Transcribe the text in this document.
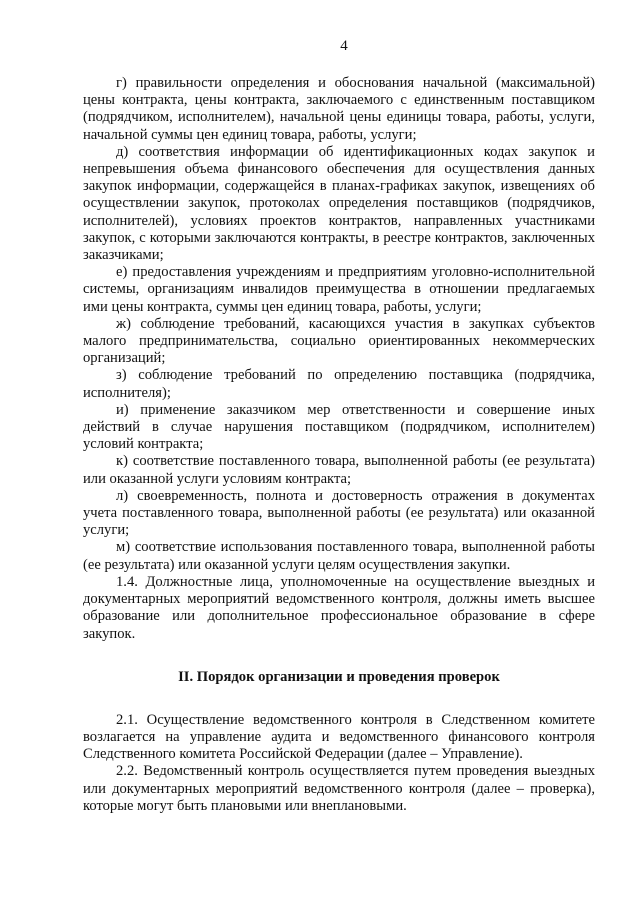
4

г) правильности определения и обоснования начальной (максимальной) цены контракта, цены контракта, заключаемого с единственным поставщиком (подрядчиком, исполнителем), начальной цены единицы товара, работы, услуги, начальной суммы цен единиц товара, работы, услуги;

д) соответствия информации об идентификационных кодах закупок и непревышения объема финансового обеспечения для осуществления данных закупок информации, содержащейся в планах-графиках закупок, извещениях об осуществлении закупок, протоколах определения поставщиков (подрядчиков, исполнителей), условиях проектов контрактов, направленных участниками закупок, с которыми заключаются контракты, в реестре контрактов, заключенных заказчиками;

е) предоставления учреждениям и предприятиям уголовно-исполнительной системы, организациям инвалидов преимущества в отношении предлагаемых ими цены контракта, суммы цен единиц товара, работы, услуги;

ж) соблюдение требований, касающихся участия в закупках субъектов малого предпринимательства, социально ориентированных некоммерческих организаций;

з) соблюдение требований по определению поставщика (подрядчика, исполнителя);

и) применение заказчиком мер ответственности и совершение иных действий в случае нарушения поставщиком (подрядчиком, исполнителем) условий контракта;

к) соответствие поставленного товара, выполненной работы (ее результата) или оказанной услуги условиям контракта;

л) своевременность, полнота и достоверность отражения в документах учета поставленного товара, выполненной работы (ее результата) или оказанной услуги;

м) соответствие использования поставленного товара, выполненной работы (ее результата) или оказанной услуги целям осуществления закупки.

1.4. Должностные лица, уполномоченные на осуществление выездных и документарных мероприятий ведомственного контроля, должны иметь высшее образование или дополнительное профессиональное образование в сфере закупок.

II. Порядок организации и проведения проверок

2.1. Осуществление ведомственного контроля в Следственном комитете возлагается на управление аудита и ведомственного финансового контроля Следственного комитета Российской Федерации (далее – Управление).

2.2. Ведомственный контроль осуществляется путем проведения выездных или документарных мероприятий ведомственного контроля (далее – проверка), которые могут быть плановыми или внеплановыми.
